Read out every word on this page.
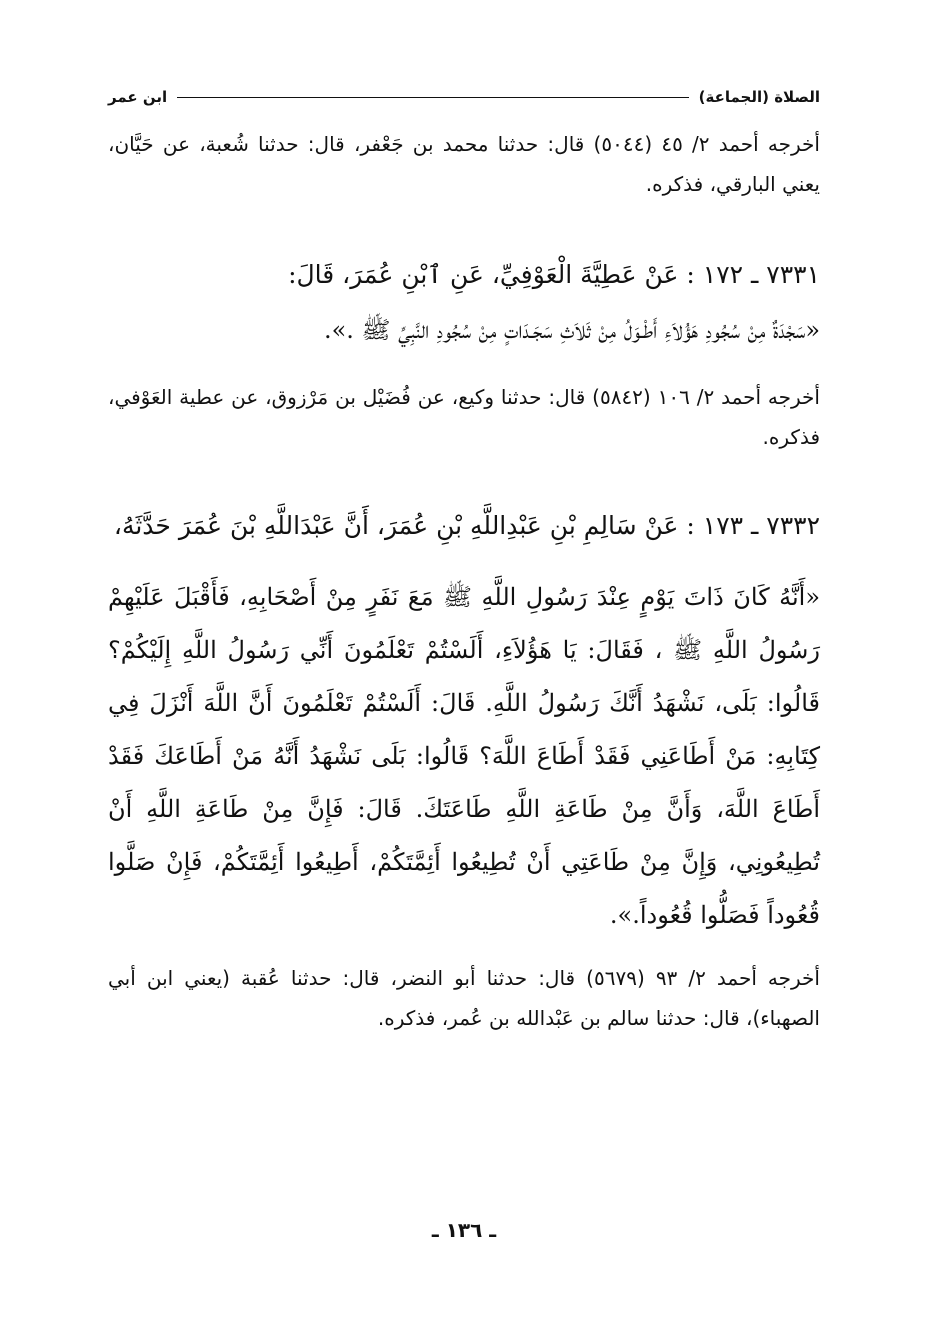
الصلاة (الجماعة)
ابن عمر
أخرجه أحمد ٢/ ٤٥ (٥٠٤٤) قال: حدثنا محمد بن جَعْفر، قال: حدثنا شُعبة، عن حَيَّان، يعني البارقي، فذكره.
٧٣٣١ ـ ١٧٢ : عَنْ عَطِيَّةَ الْعَوْفِيِّ، عَنِ ٱبْنِ عُمَرَ، قَالَ:
«سَجْدَةٌ مِنْ سُجُودِ هَؤُلاَءِ أَطْـوَلُ مِنْ ثَلاَثِ سَجَـدَاتٍ مِنْ سُجُودِ النَّبِيِّ ﷺ .».
أخرجه أحمد ٢/ ١٠٦ (٥٨٤٢) قال: حدثنا وكيع، عن فُضَيْل بن مَرْزوق، عن عطية العَوْفي، فذكره.
٧٣٣٢ ـ ١٧٣ : عَنْ سَالِمِ بْنِ عَبْدِاللَّهِ بْنِ عُمَرَ، أَنَّ عَبْدَاللَّهِ بْنَ عُمَرَ حَدَّثَهُ،
«أَنَّهُ كَانَ ذَاتَ يَوْمٍ عِنْدَ رَسُولِ اللَّهِ ﷺ مَعَ نَفَرٍ مِنْ أَصْحَابِهِ، فَأَقْبَلَ عَلَيْهِمْ رَسُولُ اللَّهِ ﷺ ، فَقَالَ: يَا هَؤُلاَءِ، أَلَسْتُمْ تَعْلَمُونَ أَنِّي رَسُولُ اللَّهِ إِلَيْكُمْ؟ قَالُوا: بَلَى، نَشْهَدُ أَنَّكَ رَسُولُ اللَّهِ. قَالَ: أَلَسْتُمْ تَعْلَمُونَ أَنَّ اللَّهَ أَنْزَلَ فِي كِتَابِهِ: مَنْ أَطَاعَنِي فَقَدْ أَطَاعَ اللَّهَ؟ قَالُوا: بَلَى نَشْهَدُ أَنَّهُ مَنْ أَطَاعَكَ فَقَدْ أَطَاعَ اللَّهَ، وَأَنَّ مِنْ طَاعَةِ اللَّهِ طَاعَتَكَ. قَالَ: فَإِنَّ مِنْ طَاعَةِ اللَّهِ أَنْ تُطِيعُونِي، وَإِنَّ مِنْ طَاعَتِي أَنْ تُطِيعُوا أَئِمَّتَكُمْ، أَطِيعُوا أَئِمَّتَكُمْ، فَإِنْ صَلَّوا قُعُوداً فَصَلُّوا قُعُوداً.».
أخرجه أحمد ٢/ ٩٣ (٥٦٧٩) قال: حدثنا أبو النضر، قال: حدثنا عُقبة (يعني ابن أبي الصهباء)، قال: حدثنا سالم بن عَبْدالله بن عُمر، فذكره.
ـ ١٣٦ ـ
